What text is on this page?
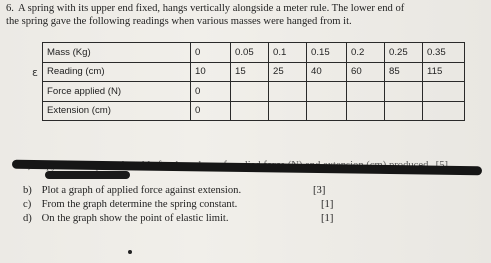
6. A spring with its upper end fixed, hangs vertically alongside a meter rule. The lower end of
the spring gave the following readings when various masses were hanged from it.
ɛ
Mass (Kg)	0	0.05	0.1	0.15	0.2	0.25	0.35
Reading (cm)	10	15	25	40	60	85	115
Force applied (N)	0						
Extension (cm)	0						
b) Plot a graph of applied force against extension.	[3]
c) From the graph determine the spring constant.	[1]
d) On the graph show the point of elastic limit.	[1]
